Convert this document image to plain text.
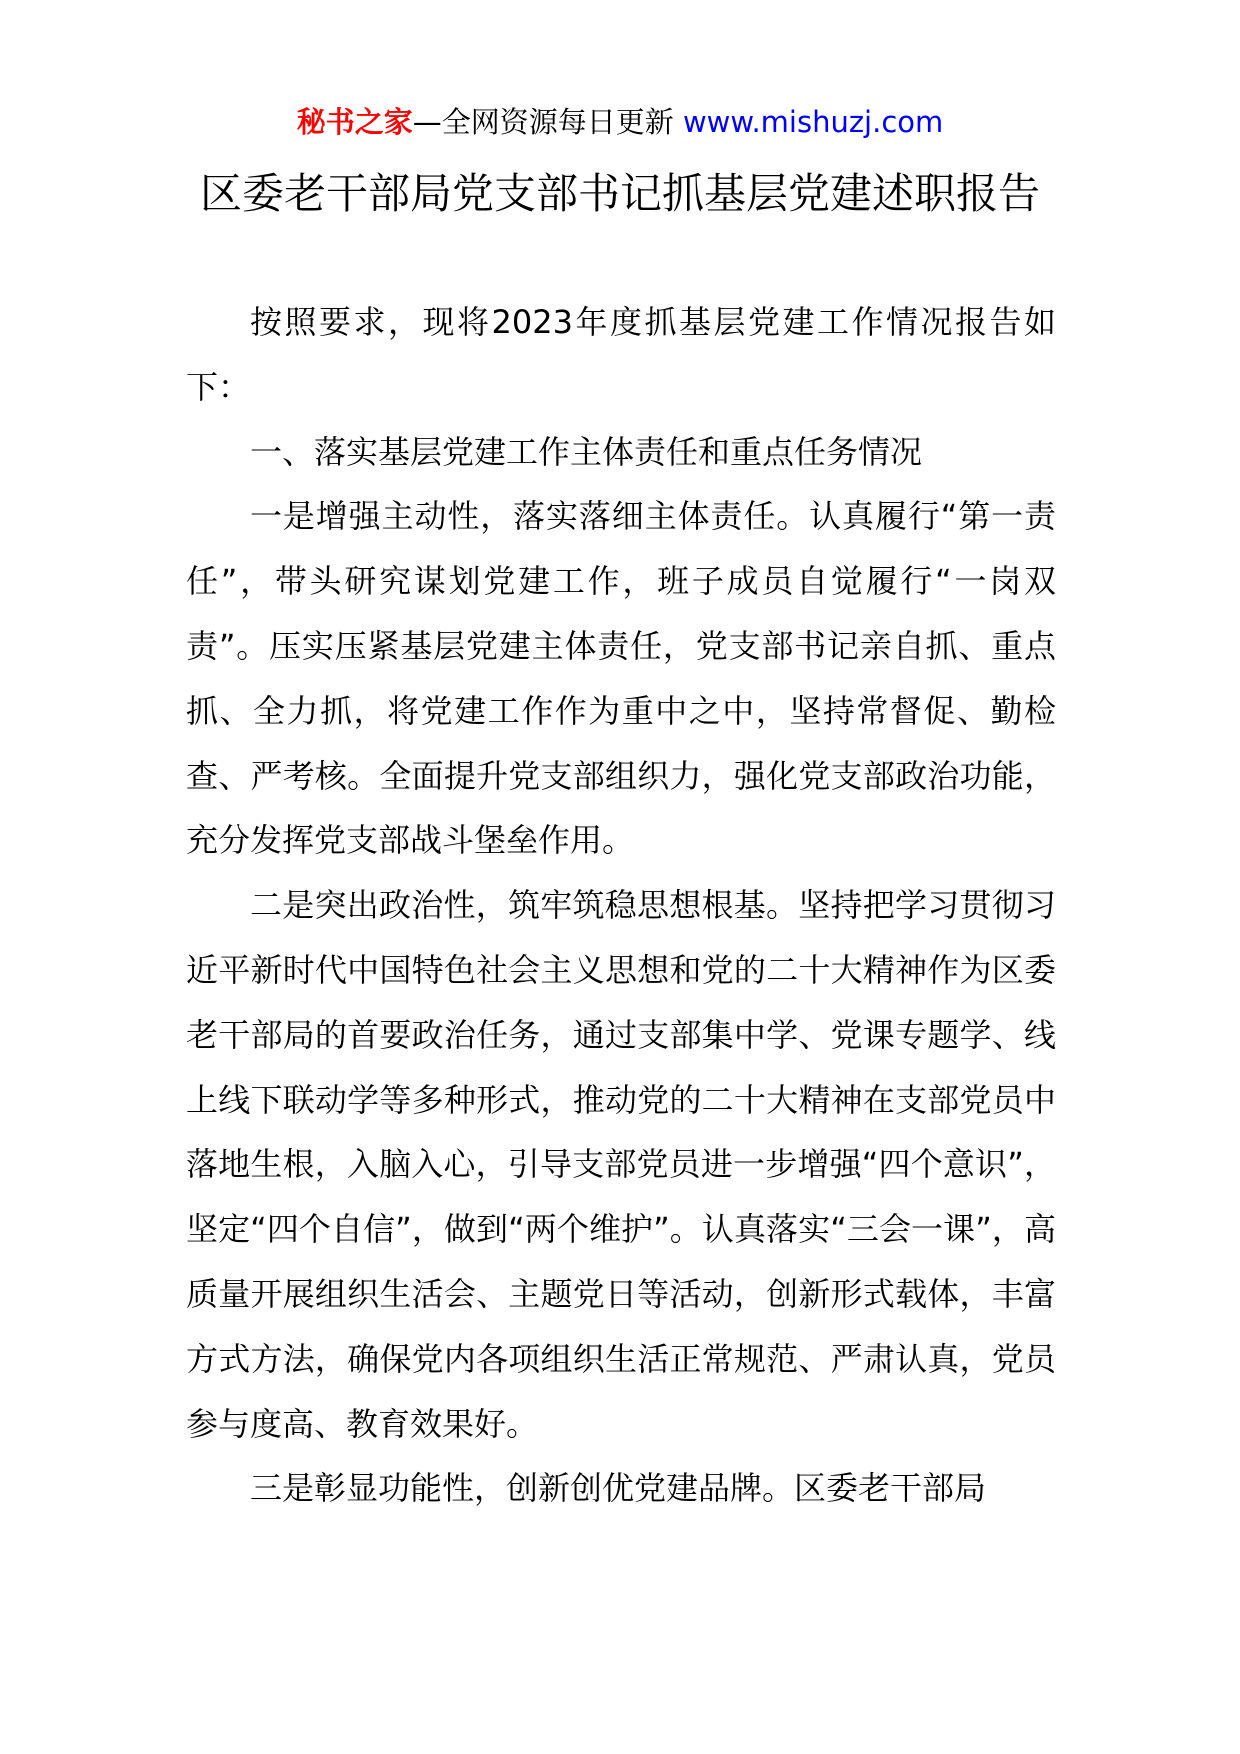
秘书之家—全网资源每日更新 www.mishuzj.com
区委老干部局党支部书记抓基层党建述职报告

按照要求，现将2023年度抓基层党建工作情况报告如下：

一、落实基层党建工作主体责任和重点任务情况

一是增强主动性，落实落细主体责任。认真履行“第一责任”，带头研究谋划党建工作，班子成员自觉履行“一岗双责”。压实压紧基层党建主体责任，党支部书记亲自抓、重点抓、全力抓，将党建工作作为重中之中，坚持常督促、勤检查、严考核。全面提升党支部组织力，强化党支部政治功能，充分发挥党支部战斗堡垒作用。

二是突出政治性，筑牢筑稳思想根基。坚持把学习贯彻习近平新时代中国特色社会主义思想和党的二十大精神作为区委老干部局的首要政治任务，通过支部集中学、党课专题学、线上线下联动学等多种形式，推动党的二十大精神在支部党员中落地生根，入脑入心，引导支部党员进一步增强“四个意识”，坚定“四个自信”，做到“两个维护”。认真落实“三会一课”，高质量开展组织生活会、主题党日等活动，创新形式载体，丰富方式方法，确保党内各项组织生活正常规范、严肃认真，党员参与度高、教育效果好。

三是彰显功能性，创新创优党建品牌。区委老干部局
